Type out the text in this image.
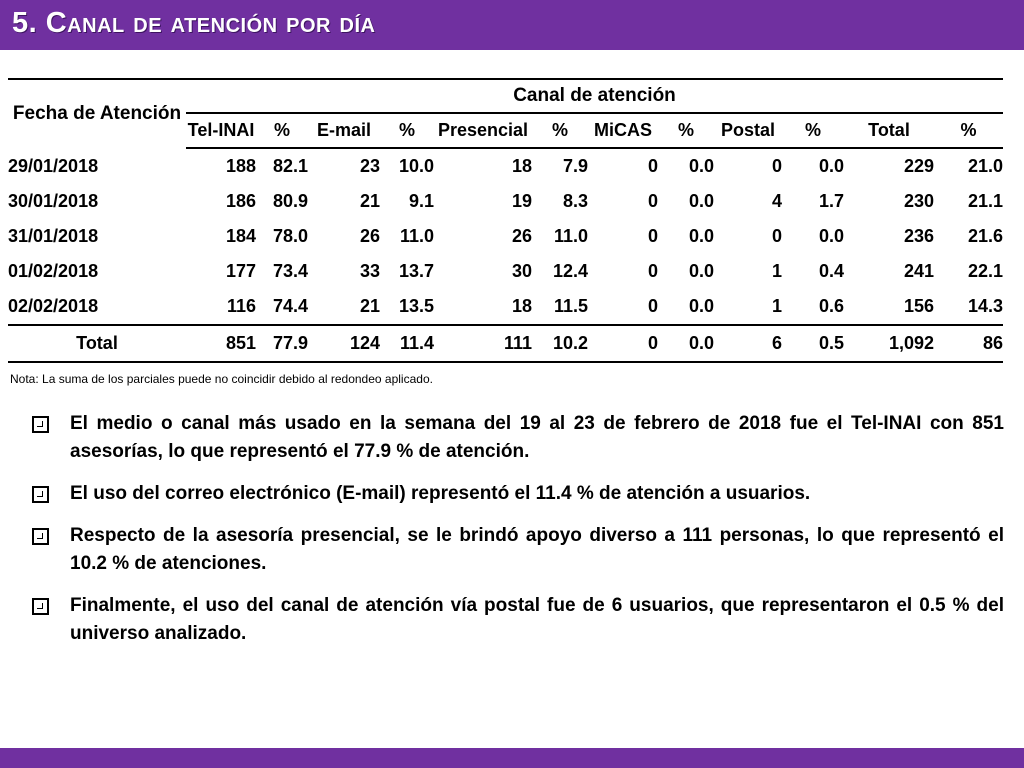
5. Canal de atención por día
Fecha de Atención	Canal de atención											
	Tel-INAI	%	E-mail	%	Presencial	%	MiCAS	%	Postal	%	Total	%
29/01/2018	188	82.1	23	10.0	18	7.9	0	0.0	0	0.0	229	21.0
30/01/2018	186	80.9	21	9.1	19	8.3	0	0.0	4	1.7	230	21.1
31/01/2018	184	78.0	26	11.0	26	11.0	0	0.0	0	0.0	236	21.6
01/02/2018	177	73.4	33	13.7	30	12.4	0	0.0	1	0.4	241	22.1
02/02/2018	116	74.4	21	13.5	18	11.5	0	0.0	1	0.6	156	14.3
Total	851	77.9	124	11.4	111	10.2	0	0.0	6	0.5	1,092	86
Nota: La suma de los parciales puede no coincidir debido al redondeo aplicado.
El medio o canal más usado en la semana del 19 al 23 de febrero de 2018 fue el Tel-INAI con 851 asesorías, lo que representó el 77.9 % de atención.
El uso del correo electrónico (E-mail) representó el 11.4 % de atención a usuarios.
Respecto de la asesoría presencial, se le brindó apoyo diverso a 111 personas, lo que representó el 10.2 % de atenciones.
Finalmente, el uso del canal de atención vía postal fue de 6 usuarios, que representaron el 0.5 % del universo analizado.
